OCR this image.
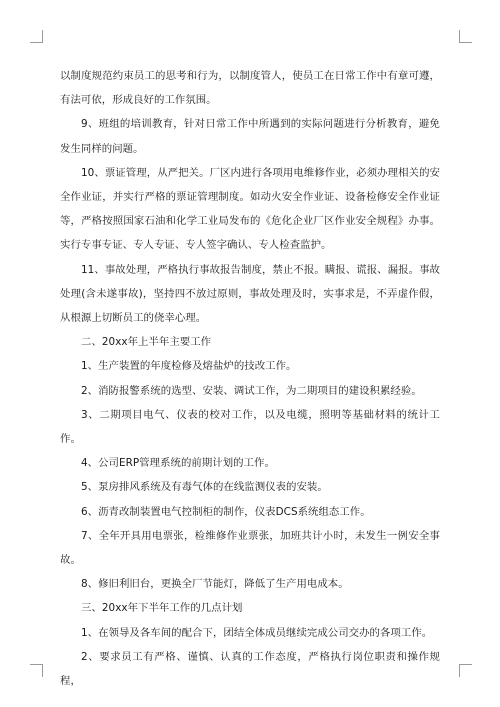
以制度规范约束员工的思考和行为，以制度管人，使员工在日常工作中有章可遵，有法可依，形成良好的工作氛围。

9、班组的培训教育，针对日常工作中所遇到的实际问题进行分析教育，避免发生同样的问题。

10、票证管理，从严把关。厂区内进行各项用电维修作业，必须办理相关的安全作业证，并实行严格的票证管理制度。如动火安全作业证、设备检修安全作业证等，严格按照国家石油和化学工业局发布的《危化企业厂区作业安全规程》办事。实行专事专证、专人专证、专人签字确认、专人检查监护。

11、事故处理，严格执行事故报告制度，禁止不报。瞒报、谎报、漏报。事故处理(含未遂事故)，坚持四不放过原则，事故处理及时，实事求是，不弄虚作假，从根源上切断员工的侥幸心理。

二、20xx年上半年主要工作

1、生产装置的年度检修及熔盐炉的技改工作。

2、消防报警系统的选型、安装、调试工作，为二期项目的建设积累经验。

3、二期项目电气、仪表的校对工作，以及电缆，照明等基础材料的统计工作。

4、公司ERP管理系统的前期计划的工作。

5、泵房排风系统及有毒气体的在线监测仪表的安装。

6、沥青改制装置电气控制柜的制作，仪表DCS系统组态工作。

7、全年开具用电票张，检维修作业票张，加班共计小时，未发生一例安全事故。

8、修旧利旧台，更换全厂节能灯，降低了生产用电成本。

三、20xx年下半年工作的几点计划

1、在领导及各车间的配合下，团结全体成员继续完成公司交办的各项工作。

2、要求员工有严格、谨慎、认真的工作态度，严格执行岗位职责和操作规程，
